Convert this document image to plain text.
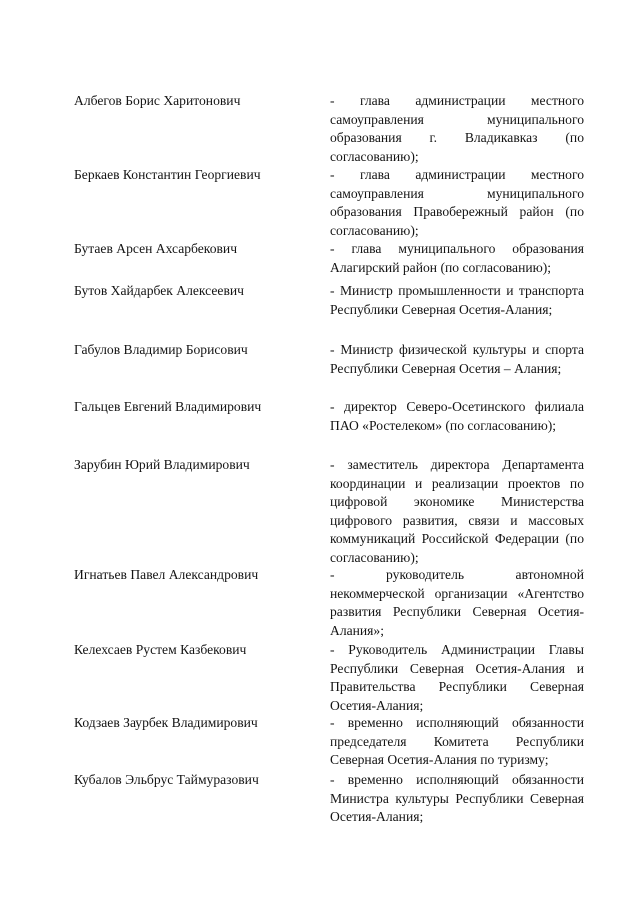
Албегов Борис Харитонович	- глава администрации местного самоуправления муниципального образования г. Владикавказ (по согласованию);
Беркаев Константин Георгиевич	- глава администрации местного самоуправления муниципального образования Правобережный район (по согласованию);
Бутаев Арсен Ахсарбекович	- глава муниципального образования Алагирский район (по согласованию);
Бутов Хайдарбек Алексеевич	- Министр промышленности и транспорта Республики Северная Осетия-Алания;
Габулов Владимир Борисович	- Министр физической культуры и спорта Республики Северная Осетия – Алания;
Гальцев Евгений Владимирович	- директор Северо-Осетинского филиала ПАО «Ростелеком» (по согласованию);
Зарубин Юрий Владимирович	- заместитель директора Департамента координации и реализации проектов по цифровой экономике Министерства цифрового развития, связи и массовых коммуникаций Российской Федерации (по согласованию);
Игнатьев Павел Александрович	- руководитель автономной некоммерческой организации «Агентство развития Республики Северная Осетия-Алания»;
Келехсаев Рустем Казбекович	- Руководитель Администрации Главы Республики Северная Осетия-Алания и Правительства Республики Северная Осетия-Алания;
Кодзаев Заурбек Владимирович	- временно исполняющий обязанности председателя Комитета Республики Северная Осетия-Алания по туризму;
Кубалов Эльбрус Таймуразович	- временно исполняющий обязанности Министра культуры Республики Северная Осетия-Алания;
